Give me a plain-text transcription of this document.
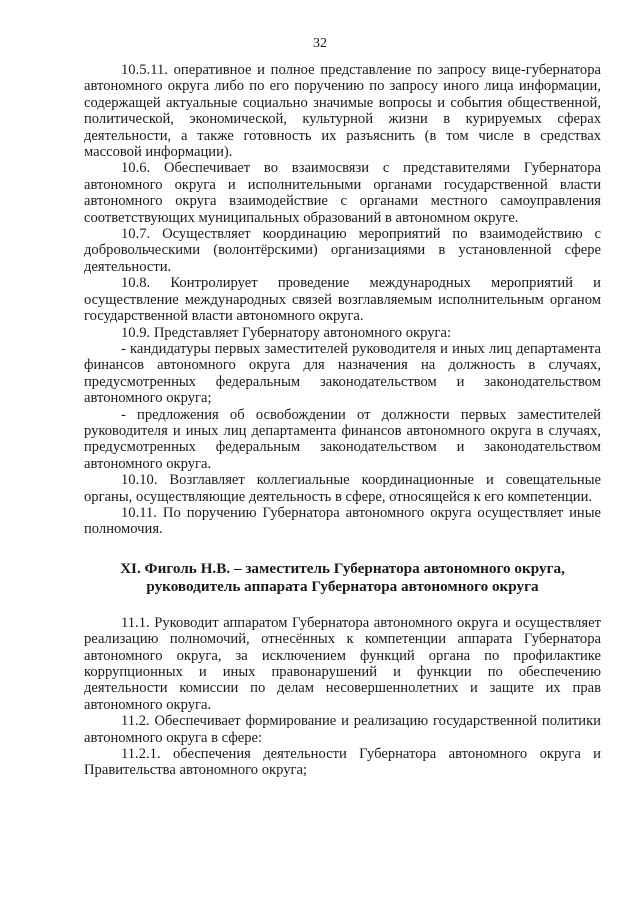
32

10.5.11. оперативное и полное представление по запросу вице-губернатора автономного округа либо по его поручению по запросу иного лица информации, содержащей актуальные социально значимые вопросы и события общественной, политической, экономической, культурной жизни в курируемых сферах деятельности, а также готовность их разъяснить (в том числе в средствах массовой информации).

10.6. Обеспечивает во взаимосвязи с представителями Губернатора автономного округа и исполнительными органами государственной власти автономного округа взаимодействие с органами местного самоуправления соответствующих муниципальных образований в автономном округе.

10.7. Осуществляет координацию мероприятий по взаимодействию с добровольческими (волонтёрскими) организациями в установленной сфере деятельности.

10.8. Контролирует проведение международных мероприятий и осуществление международных связей возглавляемым исполнительным органом государственной власти автономного округа.

10.9. Представляет Губернатору автономного округа:

- кандидатуры первых заместителей руководителя и иных лиц департамента финансов автономного округа для назначения на должность в случаях, предусмотренных федеральным законодательством и законодательством автономного округа;

- предложения об освобождении от должности первых заместителей руководителя и иных лиц департамента финансов автономного округа в случаях, предусмотренных федеральным законодательством и законодательством автономного округа.

10.10. Возглавляет коллегиальные координационные и совещательные органы, осуществляющие деятельность в сфере, относящейся к его компетенции.

10.11. По поручению Губернатора автономного округа осуществляет иные полномочия.

XI. Фиголь Н.В. – заместитель Губернатора автономного округа,
руководитель аппарата Губернатора автономного округа

11.1. Руководит аппаратом Губернатора автономного округа и осуществляет реализацию полномочий, отнесённых к компетенции аппарата Губернатора автономного округа, за исключением функций органа по профилактике коррупционных и иных правонарушений и функции по обеспечению деятельности комиссии по делам несовершеннолетних и защите их прав автономного округа.

11.2. Обеспечивает формирование и реализацию государственной политики автономного округа в сфере:

11.2.1. обеспечения деятельности Губернатора автономного округа и Правительства автономного округа;
